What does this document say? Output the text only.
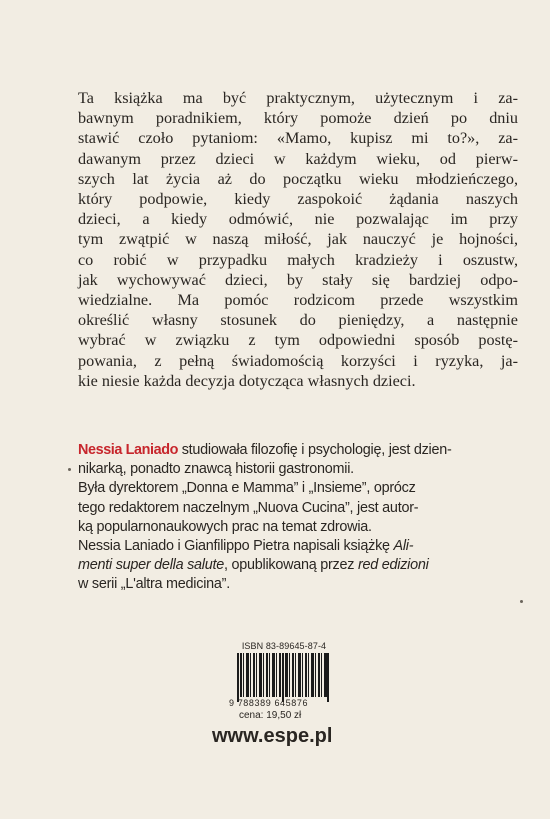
Ta książka ma być praktycznym, użytecznym i za-
bawnym poradnikiem, który pomoże dzień po dniu
stawić czoło pytaniom: «Mamo, kupisz mi to?», za-
dawanym przez dzieci w każdym wieku, od pierw-
szych lat życia aż do początku wieku młodzieńczego,
który podpowie, kiedy zaspokoić żądania naszych
dzieci, a kiedy odmówić, nie pozwalając im przy
tym zwątpić w naszą miłość, jak nauczyć je hojności,
co robić w przypadku małych kradzieży i oszustw,
jak wychowywać dzieci, by stały się bardziej odpo-
wiedzialne. Ma pomóc rodzicom przede wszystkim
określić własny stosunek do pieniędzy, a następnie
wybrać w związku z tym odpowiedni sposób postę-
powania, z pełną świadomością korzyści i ryzyka, ja-
kie niesie każda decyzja dotycząca własnych dzieci.
Nessia Laniado studiowała filozofię i psychologię, jest dzien-
nikarką, ponadto znawcą historii gastronomii.
Była dyrektorem „Donna e Mamma” i „Insieme”, oprócz
tego redaktorem naczelnym „Nuova Cucina”, jest autor-
ką popularnonaukowych prac na temat zdrowia.
Nessia Laniado i Gianfilippo Pietra napisali książkę Ali-
menti super della salute, opublikowaną przez red edizioni
w serii „L'altra medicina”.
ISBN 83-89645-87-4
9 788389 645876
cena: 19,50 zł
www.espe.pl
